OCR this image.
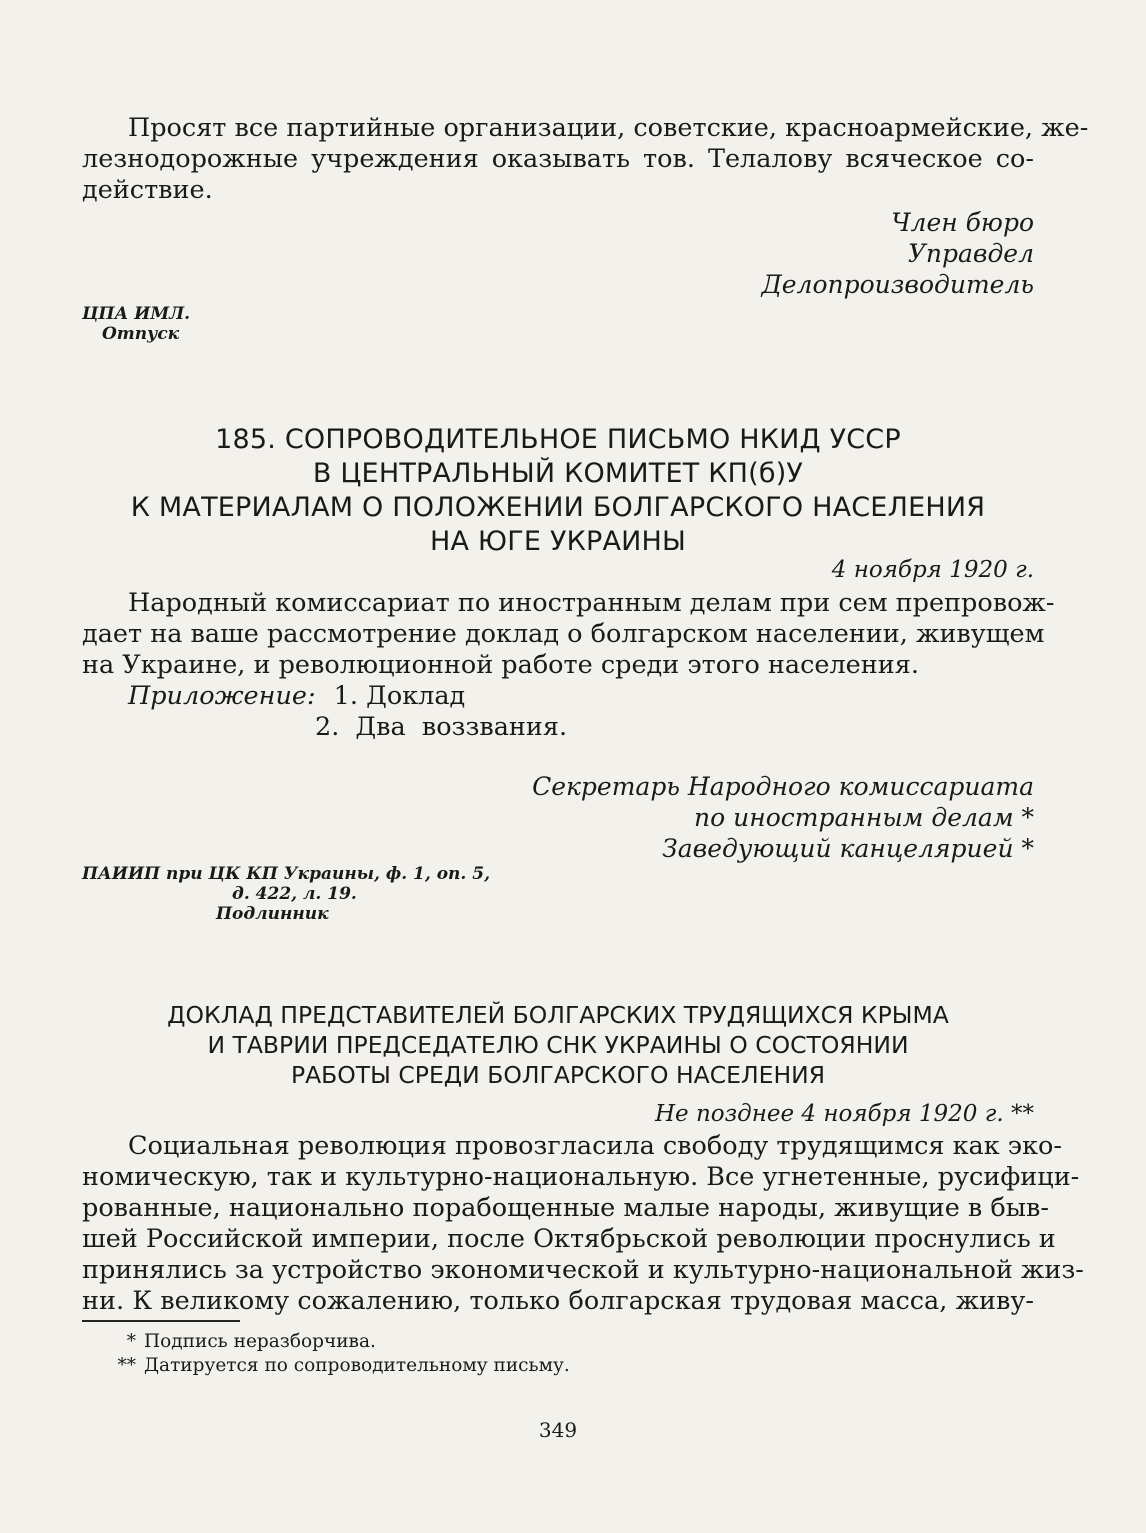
Просят все партийные организации, советские, красноармейские, же-
лезнодорожные учреждения оказывать тов. Телалову всяческое со-
действие.
Член бюро
Управдел
Делопроизводитель
ЦПА ИМЛ.
Отпуск
185. СОПРОВОДИТЕЛЬНОЕ ПИСЬМО НКИД УССР
В ЦЕНТРАЛЬНЫЙ КОМИТЕТ КП(б)У
К МАТЕРИАЛАМ О ПОЛОЖЕНИИ БОЛГАРСКОГО НАСЕЛЕНИЯ
НА ЮГЕ УКРАИНЫ
4 ноября 1920 г.
Народный комиссариат по иностранным делам при сем препровож-
дает на ваше рассмотрение доклад о болгарском населении, живущем
на Украине, и революционной работе среди этого населения.
Приложение: 1. Доклад
2. Два воззвания.
Секретарь Народного комиссариата
по иностранным делам *
Заведующий канцелярией *
ПАИИП при ЦК КП Украины, ф. 1, оп. 5,
д. 422, л. 19.
Подлинник
ДОКЛАД ПРЕДСТАВИТЕЛЕЙ БОЛГАРСКИХ ТРУДЯЩИХСЯ КРЫМА
И ТАВРИИ ПРЕДСЕДАТЕЛЮ СНК УКРАИНЫ О СОСТОЯНИИ
РАБОТЫ СРЕДИ БОЛГАРСКОГО НАСЕЛЕНИЯ
Не позднее 4 ноября 1920 г. **
Социальная революция провозгласила свободу трудящимся как эко-
номическую, так и культурно-национальную. Все угнетенные, русифици-
рованные, национально порабощенные малые народы, живущие в быв-
шей Российской империи, после Октябрьской революции проснулись и
принялись за устройство экономической и культурно-национальной жиз-
ни. К великому сожалению, только болгарская трудовая масса, живу-
* Подпись неразборчива.
** Датируется по сопроводительному письму.
349
